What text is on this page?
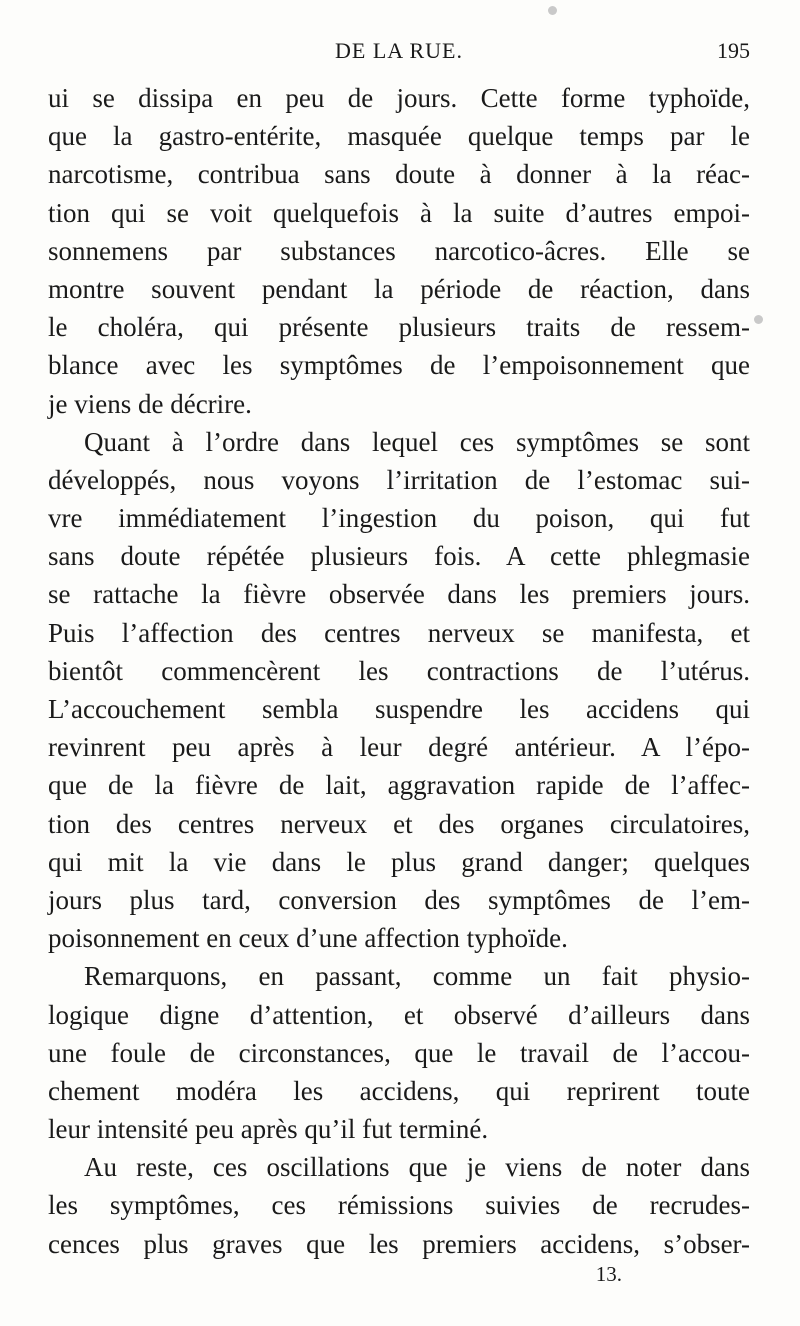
DE LA RUE.	195
ui se dissipa en peu de jours. Cette forme typhoïde,
que la gastro-entérite, masquée quelque temps par le
narcotisme, contribua sans doute à donner à la réac-
tion qui se voit quelquefois à la suite d’autres empoi-
sonnemens par substances narcotico-âcres. Elle se
montre souvent pendant la période de réaction, dans
le choléra, qui présente plusieurs traits de ressem-
blance avec les symptômes de l’empoisonnement que
je viens de décrire.
Quant à l’ordre dans lequel ces symptômes se sont
développés, nous voyons l’irritation de l’estomac sui-
vre immédiatement l’ingestion du poison, qui fut
sans doute répétée plusieurs fois. A cette phlegmasie
se rattache la fièvre observée dans les premiers jours.
Puis l’affection des centres nerveux se manifesta, et
bientôt commencèrent les contractions de l’utérus.
L’accouchement sembla suspendre les accidens qui
revinrent peu après à leur degré antérieur. A l’épo-
que de la fièvre de lait, aggravation rapide de l’affec-
tion des centres nerveux et des organes circulatoires,
qui mit la vie dans le plus grand danger; quelques
jours plus tard, conversion des symptômes de l’em-
poisonnement en ceux d’une affection typhoïde.
Remarquons, en passant, comme un fait physio-
logique digne d’attention, et observé d’ailleurs dans
une foule de circonstances, que le travail de l’accou-
chement modéra les accidens, qui reprirent toute
leur intensité peu après qu’il fut terminé.
Au reste, ces oscillations que je viens de noter dans
les symptômes, ces rémissions suivies de recrudes-
cences plus graves que les premiers accidens, s’obser-
13.
